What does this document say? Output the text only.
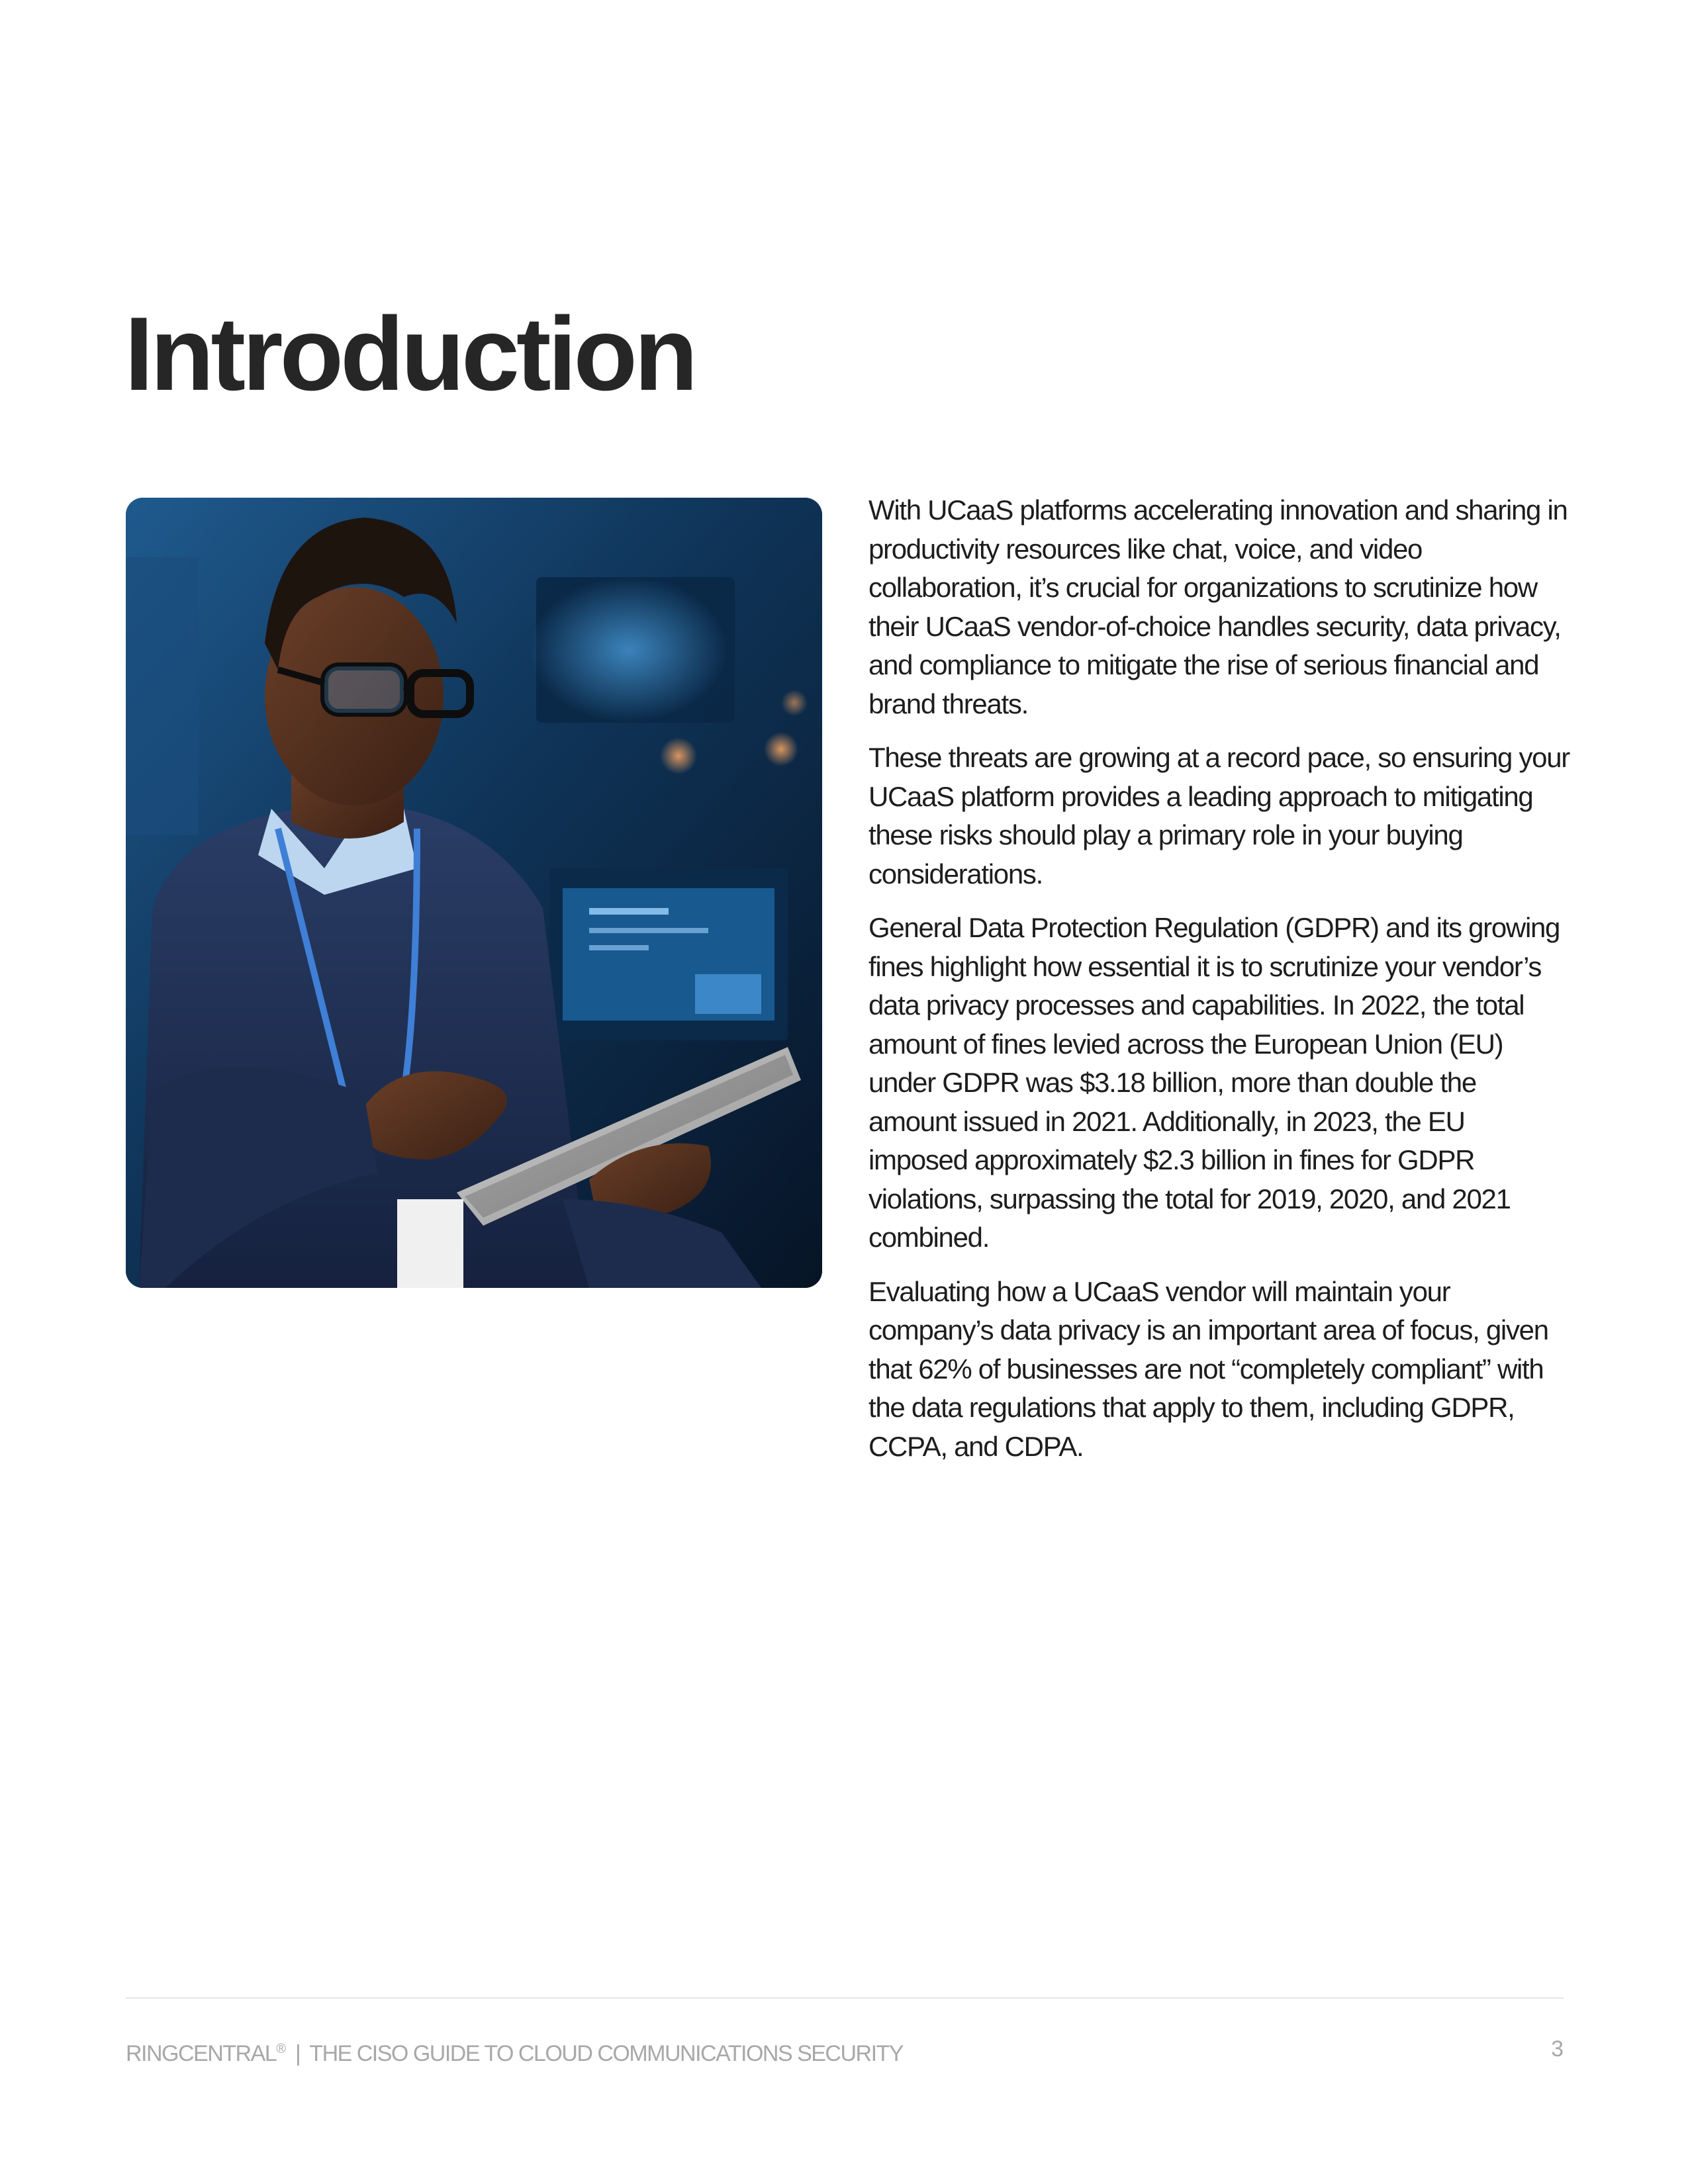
Introduction

With UCaaS platforms accelerating innovation and sharing in productivity resources like chat, voice, and video collaboration, it’s crucial for organizations to scrutinize how their UCaaS vendor-of-choice handles security, data privacy, and compliance to mitigate the rise of serious financial and brand threats.

These threats are growing at a record pace, so ensuring your UCaaS platform provides a leading approach to mitigating these risks should play a primary role in your buying considerations.

General Data Protection Regulation (GDPR) and its growing fines highlight how essential it is to scrutinize your vendor’s data privacy processes and capabilities. In 2022, the total amount of fines levied across the European Union (EU) under GDPR was $3.18 billion, more than double the amount issued in 2021. Additionally, in 2023, the EU imposed approximately $2.3 billion in fines for GDPR violations, surpassing the total for 2019, 2020, and 2021 combined.

Evaluating how a UCaaS vendor will maintain your company’s data privacy is an important area of focus, given that 62% of businesses are not “completely compliant” with the data regulations that apply to them, including GDPR, CCPA, and CDPA.

RINGCENTRAL® | THE CISO GUIDE TO CLOUD COMMUNICATIONS SECURITY	3
